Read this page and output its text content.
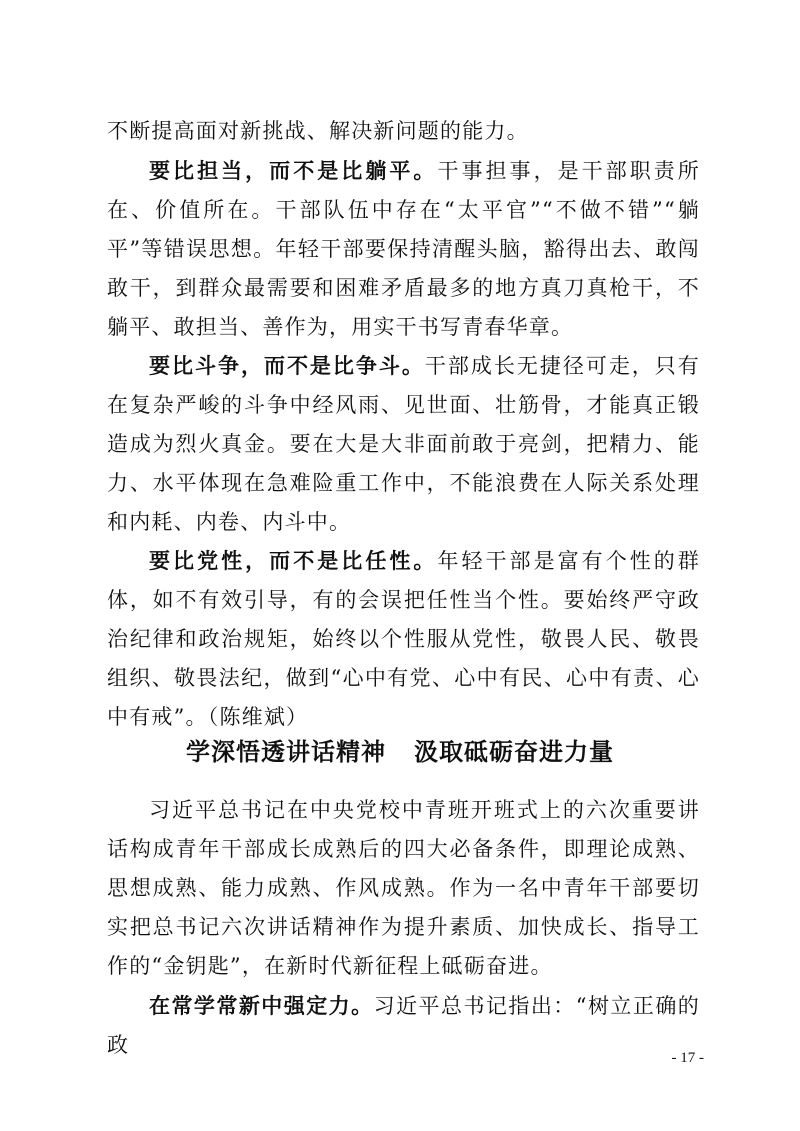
不断提高面对新挑战、解决新问题的能力。

要比担当，而不是比躺平。干事担事，是干部职责所在、价值所在。干部队伍中存在“太平官”“不做不错”“躺平”等错误思想。年轻干部要保持清醒头脑，豁得出去、敢闯敢干，到群众最需要和困难矛盾最多的地方真刀真枪干，不躺平、敢担当、善作为，用实干书写青春华章。

要比斗争，而不是比争斗。干部成长无捷径可走，只有在复杂严峻的斗争中经风雨、见世面、壮筋骨，才能真正锻造成为烈火真金。要在大是大非面前敢于亮剑，把精力、能力、水平体现在急难险重工作中，不能浪费在人际关系处理和内耗、内卷、内斗中。

要比党性，而不是比任性。年轻干部是富有个性的群体，如不有效引导，有的会误把任性当个性。要始终严守政治纪律和政治规矩，始终以个性服从党性，敬畏人民、敬畏组织、敬畏法纪，做到“心中有党、心中有民、心中有责、心中有戒”。（陈维斌）

学深悟透讲话精神 汲取砥砺奋进力量

习近平总书记在中央党校中青班开班式上的六次重要讲话构成青年干部成长成熟后的四大必备条件，即理论成熟、思想成熟、能力成熟、作风成熟。作为一名中青年干部要切实把总书记六次讲话精神作为提升素质、加快成长、指导工作的“金钥匙”，在新时代新征程上砥砺奋进。

在常学常新中强定力。习近平总书记指出：“树立正确的政

- 17 -
